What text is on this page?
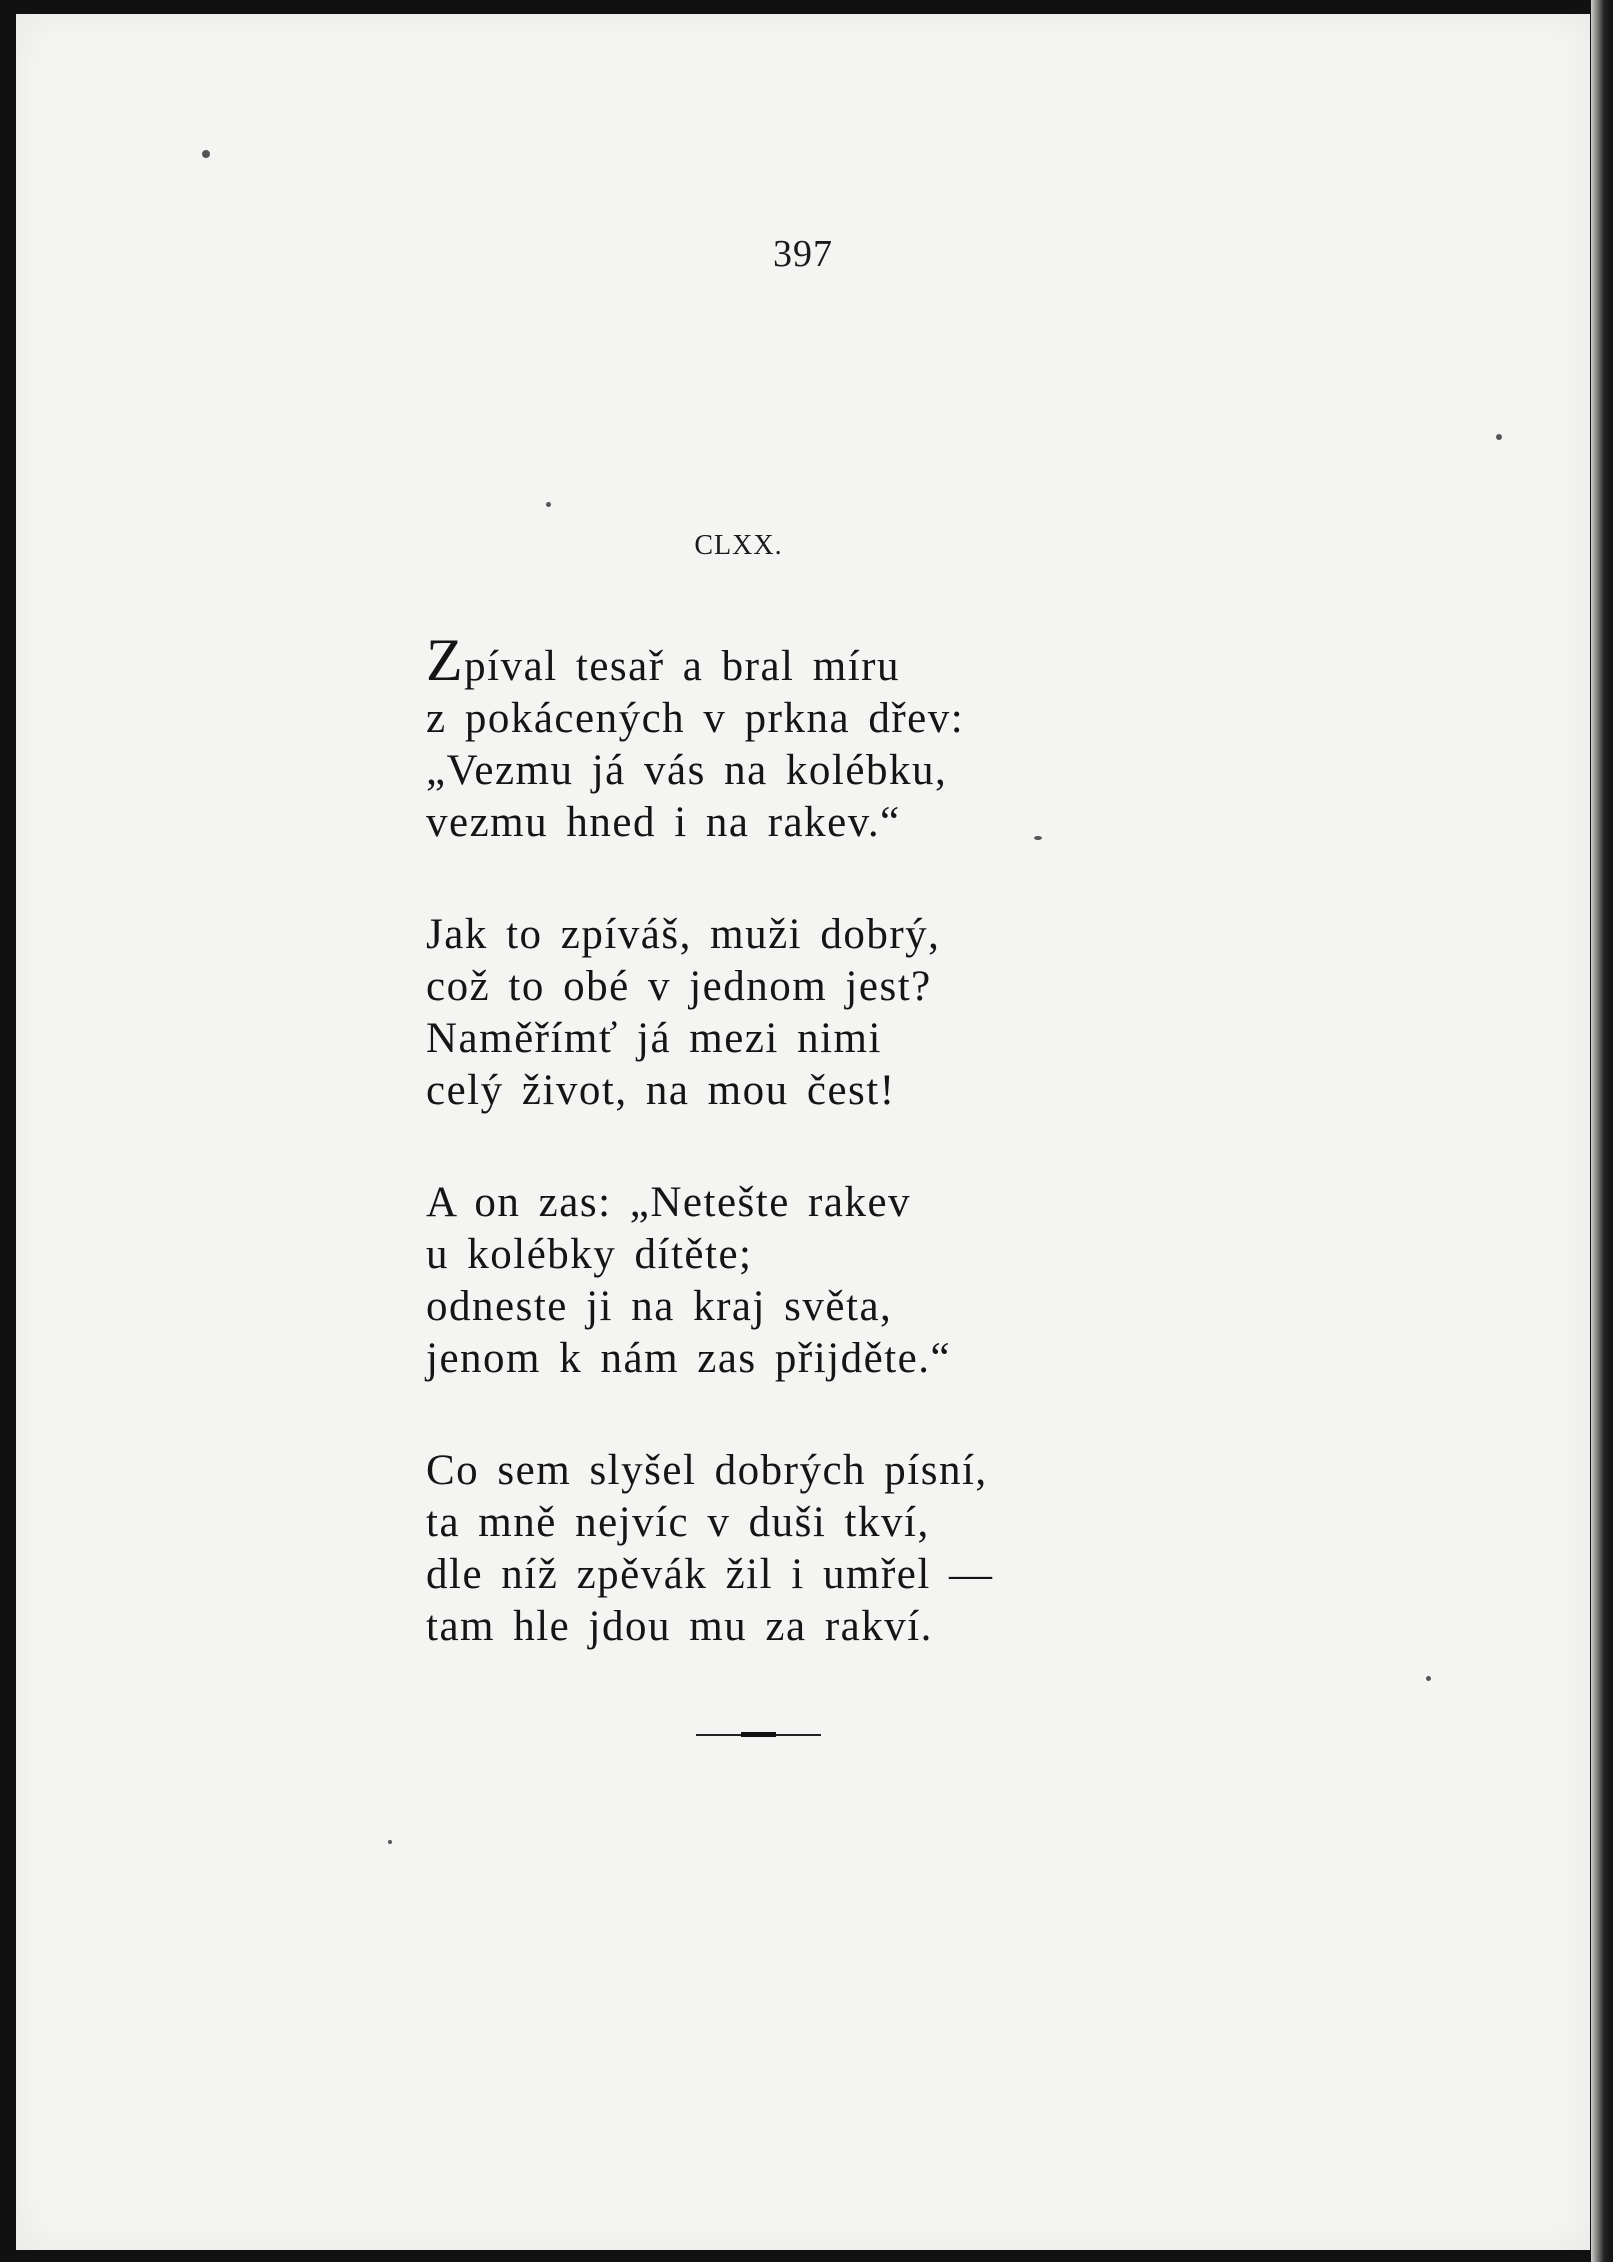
397
CLXX.
Zpíval tesař a bral míru
z pokácených v prkna dřev:
„Vezmu já vás na kolébku,
vezmu hned i na rakev.“
Jak to zpíváš, muži dobrý,
což to obé v jednom jest?
Naměřímť já mezi nimi
celý život, na mou čest!
A on zas: „Netešte rakev
u kolébky dítěte;
odneste ji na kraj světa,
jenom k nám zas přijděte.“
Co sem slyšel dobrých písní,
ta mně nejvíc v duši tkví,
dle níž zpěvák žil i umřel —
tam hle jdou mu za rakví.
